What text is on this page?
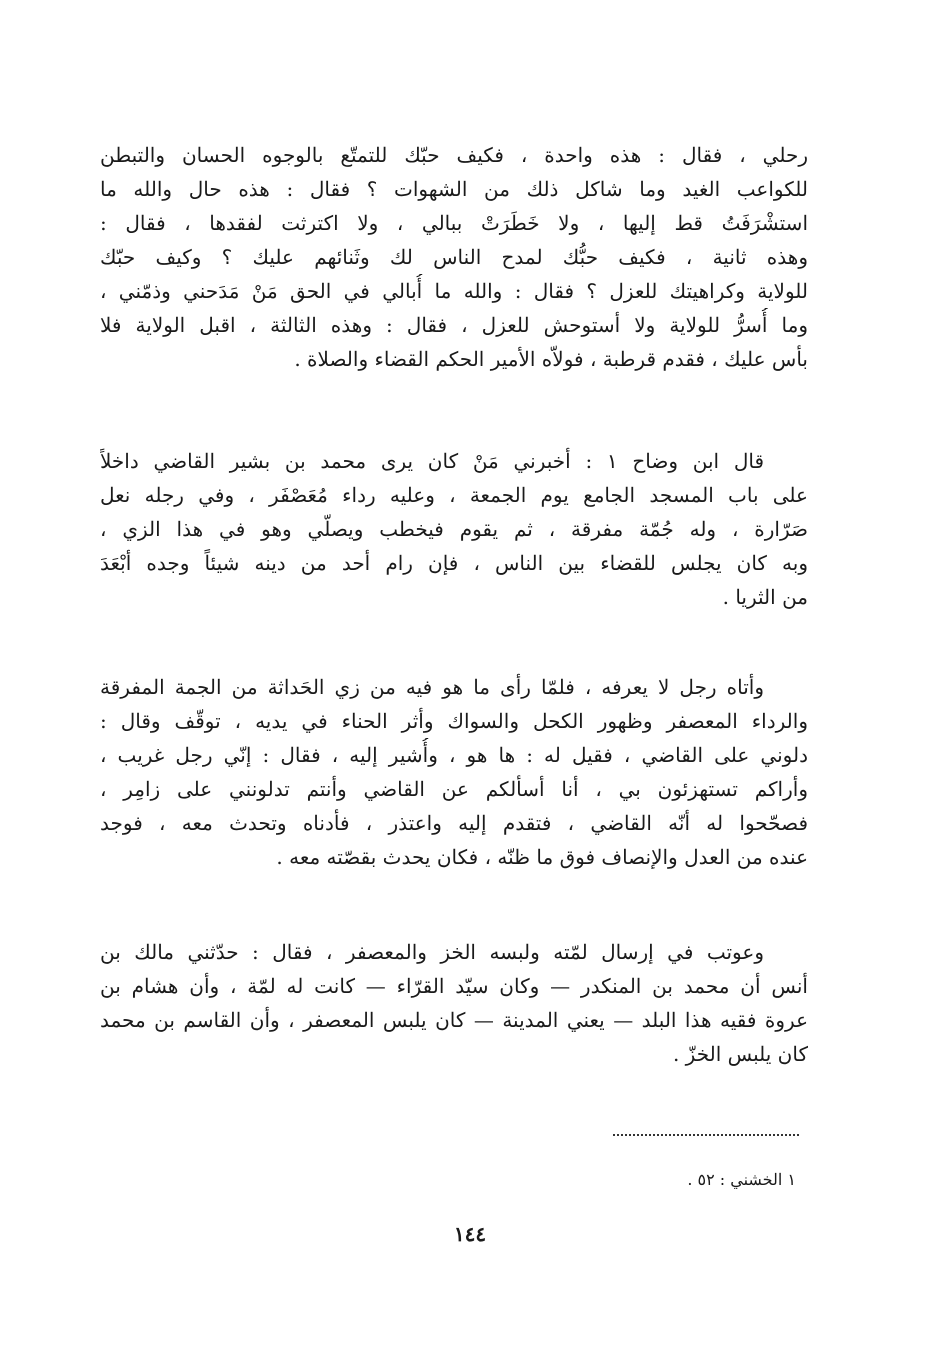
رحلي ، فقال : هذه واحدة ، فكيف حبّك للتمتّع بالوجوه الحسان والتبطن
للكواعب الغيد وما شاكل ذلك من الشهوات ؟ فقال : هذه حال والله ما
استشْرَفَتُ قط إليها ، ولا خَطَرَتْ ببالي ، ولا اكترثت لفقدها ، فقال :
وهذه ثانية ، فكيف حبُّك لمدح الناس لك وثَنائهم عليك ؟ وكيف حبّك
للولاية وكراهيتك للعزل ؟ فقال : والله ما أُبالي في الحق مَنْ مَدَحني وذمّني ،
وما أُسرُّ للولاية ولا أستوحش للعزل ، فقال : وهذه الثالثة ، اقبل الولاية فلا
بأس عليك ، فقدم قرطبة ، فولاّه الأمير الحكم القضاء والصلاة .
قال ابن وضاح ١ : أخبرني مَنْ كان يرى محمد بن بشير القاضي داخلاً
على باب المسجد الجامع يوم الجمعة ، وعليه رداء مُعَصْفَر ، وفي رجله نعل
صَرّارة ، وله جُمّة مفرقة ، ثم يقوم فيخطب ويصلّي وهو في هذا الزي ،
وبه كان يجلس للقضاء بين الناس ، فإن رام أحد من دينه شيئاً وجده أبْعَدَ
من الثريا .
وأتاه رجل لا يعرفه ، فلمّا رأى ما هو فيه من زي الحَداثة من الجمة المفرقة
والرداء المعصفر وظهور الكحل والسواك وأثر الحناء في يديه ، توقّف وقال :
دلوني على القاضي ، فقيل له : ها هو ، وأُشير إليه ، فقال : إنّي رجل غريب ،
وأراكم تستهزئون بي ، أنا أسألكم عن القاضي وأنتم تدلونني على زامِر ،
فصحّحوا له أنّه القاضي ، فتقدم إليه واعتذر ، فأدناه وتحدث معه ، فوجد
عنده من العدل والإنصاف فوق ما ظنّه ، فكان يحدث بقصّته معه .
وعوتب في إرسال لمّته ولبسه الخز والمعصفر ، فقال : حدّثني مالك بن
أنس أن محمد بن المنكدر — وكان سيّد القرّاء — كانت له لمّة ، وأن هشام بن
عروة فقيه هذا البلد — يعني المدينة — كان يلبس المعصفر ، وأن القاسم بن محمد
كان يلبس الخزّ .
١ الخشني : ٥٢ .
١٤٤
